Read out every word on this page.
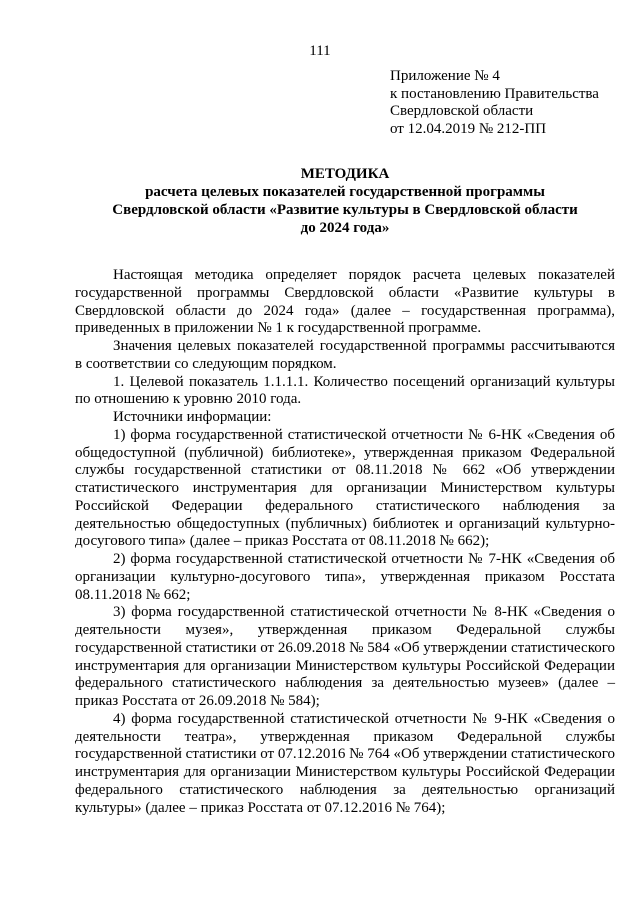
111
Приложение № 4
к постановлению Правительства
Свердловской области
от 12.04.2019 № 212-ПП
МЕТОДИКА
расчета целевых показателей государственной программы
Свердловской области «Развитие культуры в Свердловской области
до 2024 года»

Настоящая методика определяет порядок расчета целевых показателей государственной программы Свердловской области «Развитие культуры в Свердловской области до 2024 года» (далее – государственная программа), приведенных в приложении № 1 к государственной программе.

Значения целевых показателей государственной программы рассчитываются в соответствии со следующим порядком.

1. Целевой показатель 1.1.1.1. Количество посещений организаций культуры по отношению к уровню 2010 года.

Источники информации:

1) форма государственной статистической отчетности № 6-НК «Сведения об общедоступной (публичной) библиотеке», утвержденная приказом Федеральной службы государственной статистики от 08.11.2018 № 662 «Об утверждении статистического инструментария для организации Министерством культуры Российской Федерации федерального статистического наблюдения за деятельностью общедоступных (публичных) библиотек и организаций культурно-досугового типа» (далее – приказ Росстата от 08.11.2018 № 662);

2) форма государственной статистической отчетности № 7-НК «Сведения об организации культурно-досугового типа», утвержденная приказом Росстата 08.11.2018 № 662;

3) форма государственной статистической отчетности № 8-НК «Сведения о деятельности музея», утвержденная приказом Федеральной службы государственной статистики от 26.09.2018 № 584 «Об утверждении статистического инструментария для организации Министерством культуры Российской Федерации федерального статистического наблюдения за деятельностью музеев» (далее – приказ Росстата от 26.09.2018 № 584);

4) форма государственной статистической отчетности № 9-НК «Сведения о деятельности театра», утвержденная приказом Федеральной службы государственной статистики от 07.12.2016 № 764 «Об утверждении статистического инструментария для организации Министерством культуры Российской Федерации федерального статистического наблюдения за деятельностью организаций культуры» (далее – приказ Росстата от 07.12.2016 № 764);
